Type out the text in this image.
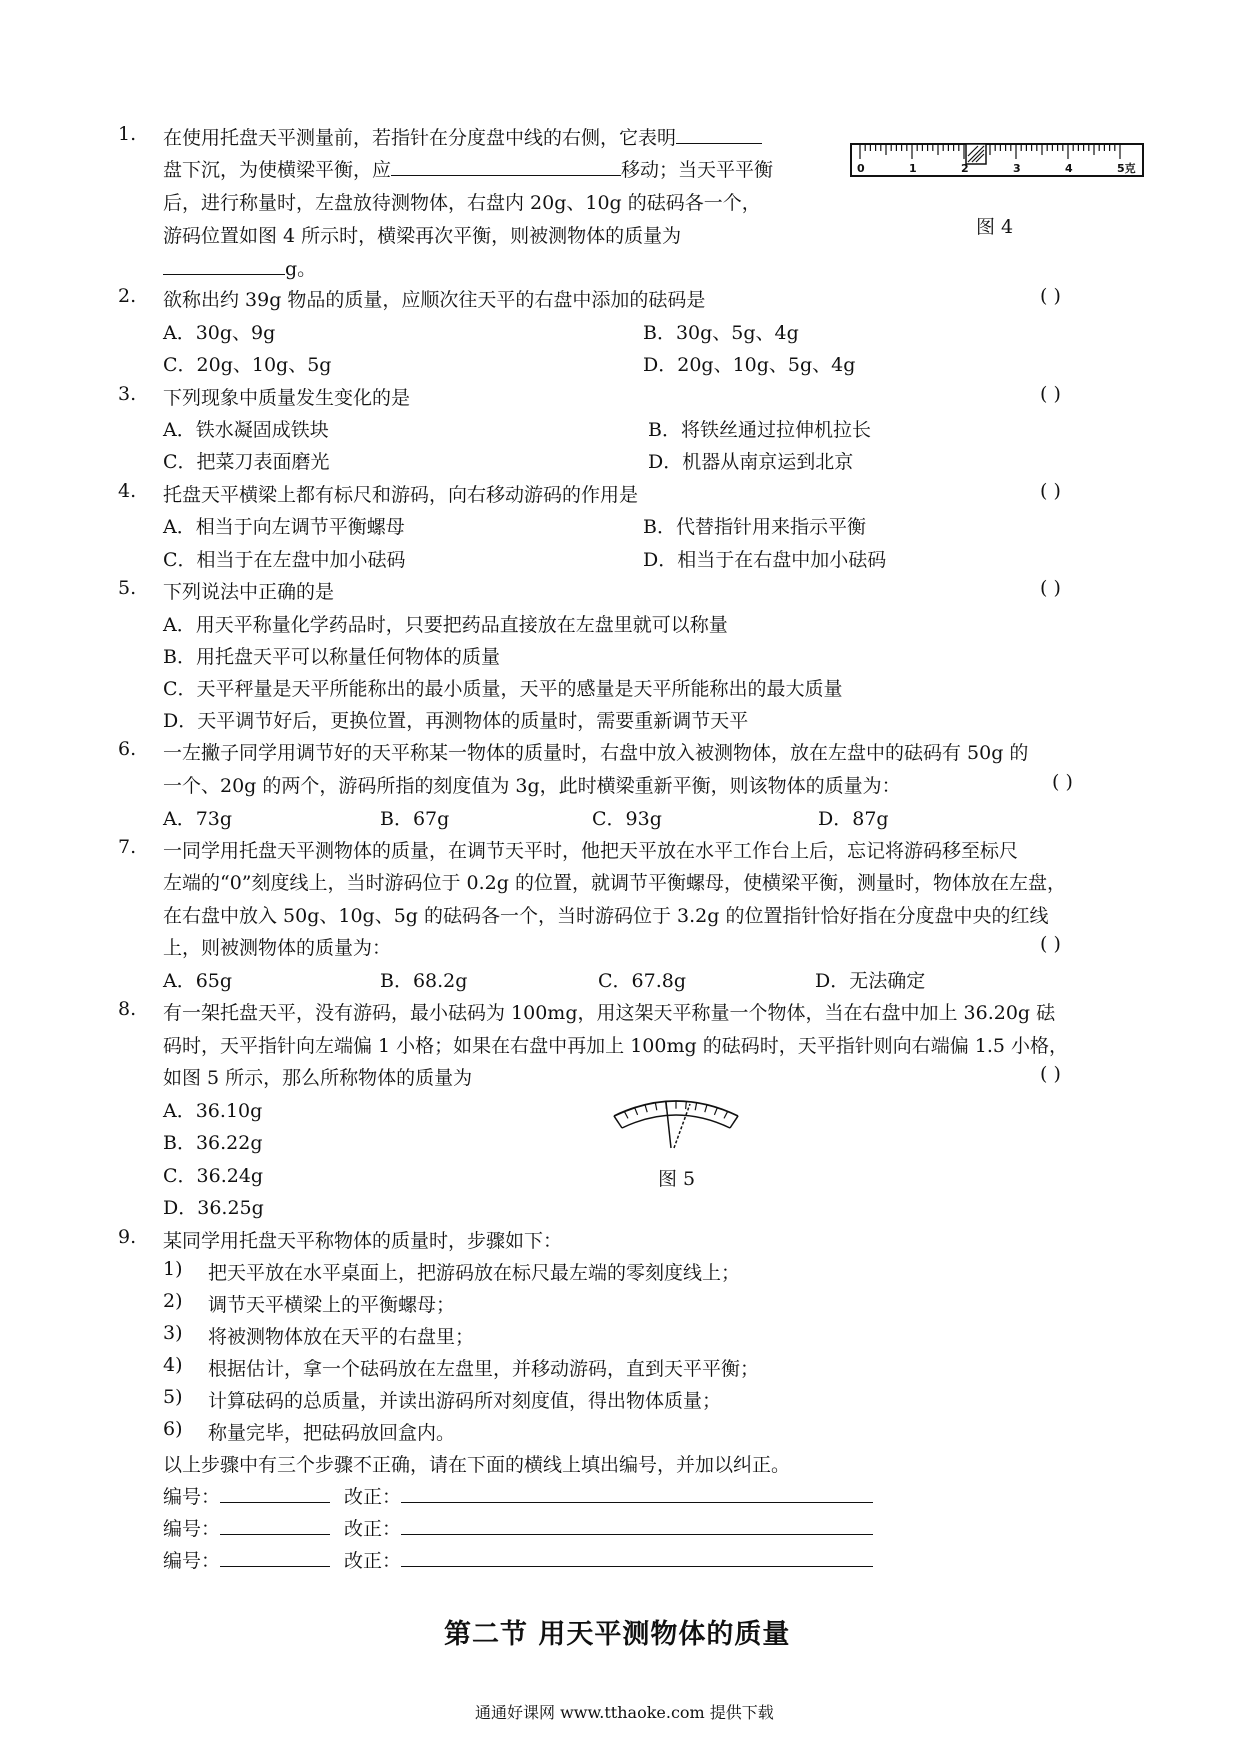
1. 在使用托盘天平测量前，若指针在分度盘中线的右侧，它表明
盘下沉，为使横梁平衡，应	移动；当天平平衡
后，进行称量时，左盘放待测物体，右盘内 20g、10g 的砝码各一个，
游码位置如图 4 所示时，横梁再次平衡，则被测物体的质量为
g。
0	1	2	3	4	5克
图 4
2. 欲称出约 39g 物品的质量，应顺次往天平的右盘中添加的砝码是	( )
A．30g、9g	B．30g、5g、4g
C．20g、10g、5g	D．20g、10g、5g、4g
3. 下列现象中质量发生变化的是	( )
A．铁水凝固成铁块	B．将铁丝通过拉伸机拉长
C．把菜刀表面磨光	D．机器从南京运到北京
4. 托盘天平横梁上都有标尺和游码，向右移动游码的作用是	( )
A．相当于向左调节平衡螺母	B．代替指针用来指示平衡
C．相当于在左盘中加小砝码	D．相当于在右盘中加小砝码
5. 下列说法中正确的是	( )
A．用天平称量化学药品时，只要把药品直接放在左盘里就可以称量
B．用托盘天平可以称量任何物体的质量
C．天平秤量是天平所能称出的最小质量，天平的感量是天平所能称出的最大质量
D．天平调节好后，更换位置，再测物体的质量时，需要重新调节天平
6. 一左撇子同学用调节好的天平称某一物体的质量时，右盘中放入被测物体，放在左盘中的砝码有 50g 的
一个、20g 的两个，游码所指的刻度值为 3g，此时横梁重新平衡，则该物体的质量为：	( )
A．73g	B．67g	C．93g	D．87g
7. 一同学用托盘天平测物体的质量，在调节天平时，他把天平放在水平工作台上后，忘记将游码移至标尺
左端的“0”刻度线上，当时游码位于 0.2g 的位置，就调节平衡螺母，使横梁平衡，测量时，物体放在左盘，
在右盘中放入 50g、10g、5g 的砝码各一个，当时游码位于 3.2g 的位置指针恰好指在分度盘中央的红线
上，则被测物体的质量为：	( )
A．65g	B．68.2g	C．67.8g	D．无法确定
8. 有一架托盘天平，没有游码，最小砝码为 100mg，用这架天平称量一个物体，当在右盘中加上 36.20g 砝
码时，天平指针向左端偏 1 小格；如果在右盘中再加上 100mg 的砝码时，天平指针则向右端偏 1.5 小格，
如图 5 所示，那么所称物体的质量为	( )
A．36.10g
B．36.22g
C．36.24g
D．36.25g
图 5
9. 某同学用托盘天平称物体的质量时，步骤如下：
1) 把天平放在水平桌面上，把游码放在标尺最左端的零刻度线上；
2) 调节天平横梁上的平衡螺母；
3) 将被测物体放在天平的右盘里；
4) 根据估计，拿一个砝码放在左盘里，并移动游码，直到天平平衡；
5) 计算砝码的总质量，并读出游码所对刻度值，得出物体质量；
6) 称量完毕，把砝码放回盒内。
以上步骤中有三个步骤不正确，请在下面的横线上填出编号，并加以纠正。
编号：	改正：
编号：	改正：
编号：	改正：
第二节 用天平测物体的质量
通通好课网 www.tthaoke.com 提供下载
